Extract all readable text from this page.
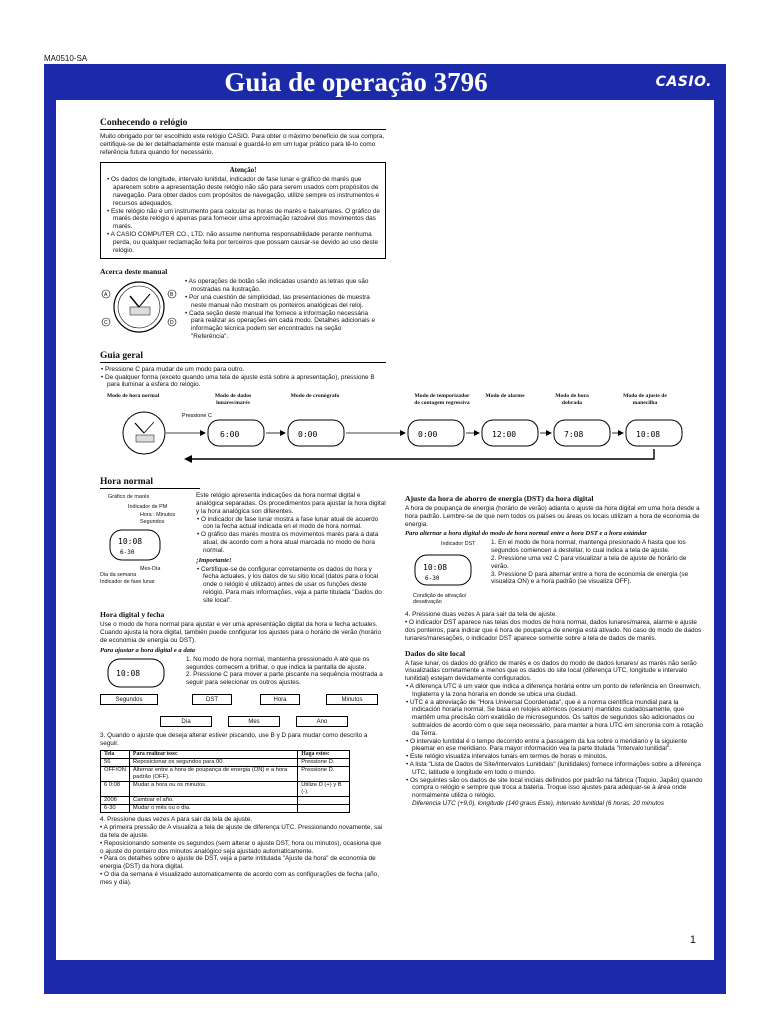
MA0510-SA
Guia de operação 3796	CASIO.
Conhecendo o relógio

Muito obrigado por ter escolhido este relógio CASIO. Para obter o máximo benefício de sua compra, certifique-se de ler detalhadamente este manual e guardá-lo em um lugar prático para tê-lo como referência futura quando for necessário.

Atenção!
• Os dados de longitude, intervalo lunitidal, indicador de fase lunar e gráfico de marés que aparecem sobre a apresentação deste relógio não são para serem usados com propósitos de navegação. Para obter dados com propósitos de navegação, utilize sempre os instrumentos e recursos adequados.
• Este relógio não é um instrumento para calcular as horas de marés e baixamares. O gráfico de marés deste relógio é apenas para fornecer uma aproximação razoável dos movimentos das marés.
• A CASIO COMPUTER CO., LTD. não assume nenhuma responsabilidade perante nenhuma perda, ou qualquer reclamação feita por terceiros que possam causar-se devido ao uso deste relógio.
Acerca deste manual
A
C
B
D
• As operações de botão são indicadas usando as letras que são mostradas na ilustração.
• Por una cuestión de simplicidad, las presentaciones de muestra neste manual não mostram os ponteiros analógicas del reloj.
• Cada seção deste manual lhe fornece a informação necessária para realizar as operações em cada modo. Detalhes adicionais e informação técnica podem ser encontrados na seção "Referência".
Guia geral
• Pressione C para mudar de um modo para outro.
• De qualquer forma (exceto quando uma tela de ajuste está sobre a apresentação), pressione B para iluminar a esfera do relógio.
Modo de hora normal	Modo de dados lunares/marés
Modo de cronógrafo	Modo de temporizador de contagem regressiva
Modo de alarme	Modo de hora dobrada
Modo de ajuste de manecilha
Pressione C
6:00	0:00	0:00	12:00	7:08	10:08
Hora normal
Gráfico de marés
Indicador de PM
Hora : Minutos
Segundos
10:08
6-30
Mes-Día
Dia da semana
Indicador de fase lunar

Este relógio apresenta indicações da hora normal digital e analógica separadas. Os procedimentos para ajustar la hora digital y la hora analógica son diferentes.

• O indicador de fase lunar mostra a fase lunar atual de acuerdo con la fecha actual indicada en el modo de hora normal.
• O gráfico das marés mostra os movimentos marés para a data atual, de acordo com a hora atual marcada no modo de hora normal.
¡Importante!
• Certifique-se de configurar corretamente os dados do hora y fecha actuales, y los datos de su sitio local (datos para o local onde o relógio é utilizado) antes de usar os funções deste relógio. Para mais informações, veja a parte titulada "Dados do site local".
Hora digital y fecha

Use o modo de hora normal para ajustar e ver uma apresentação digital da hora e fecha actuales. Cuando ajusta la hora digital, también puede configurar los ajustes para o horário de verão (horário de economia de energia ou DST).

Para ajustar a hora digital e a data
10:08

1. No modo de hora normal, mantenha pressionado A até que os segundos comecem a brilhar, o que indica la pantalla de ajuste.

2. Pressione C para mover a parte piscante na sequência mostrada a seguir para selecionar os outros ajustes.

Segundos	DST	Hora	Minutos
Día	Mes	Ano

3. Quando o ajuste que deseja alterar estiver piscando, use B y D para mudar como descrito a seguir.

Tela	Para realizar isso:	Haga estos:
56	Reposicionar os segundos para 00	Pressione D.
OFF/ON	Alternar entre a hora de poupança de energia (ON) e a hora padrão (OFF).	Pressione D.
6 0:08	Mudar a hora ou os minutos.	Utilize D (+) y B (-).
2006	Cambiar el año.	
6-30	Mudar o mês ou o dia.	

4. Pressione duas vezes A para sair da tela de ajuste.

• A primeira pressão de A visualiza a tela de ajuste de diferença UTC. Pressionando novamente, sai da tela de ajuste.

• Reposicionando somente os segundos (sem alterar o ajuste DST, hora ou minutos), ocasiona que o ajuste do ponteiro dos minutos analógico seja ajustado automaticamente.

• Para os detalhes sobre o ajuste de DST, veja a parte intitulada "Ajuste da hora" de economia de energia (DST) da hora digital.

• O dia da semana é visualizado automaticamente de acordo com as configurações de fecha (año, mes y día).

Ajuste da hora de ahorro de energia (DST) da hora digital

A hora de poupança de energia (horário de verão) adianta o ajuste da hora digital em uma hora desde a hora padrão. Lembre-se de que nem todos os países ou áreas os locais utilizam a hora de economia de energia.

Para alternar a hora digital do modo de hora normal entre a hora DST e a hora estándar
Indicador DST
10:08
6-30
Condição de ativação/ desativação

1. En el modo de hora normal, mantenga presionado A hasta que los segundos comiencen a destellar, lo cual indica a tela de ajuste.

2. Pressione uma vez C para visualizar a tela de ajuste de horário de verão.

3. Pressione D para alternar entre a hora de economia de energia (se visualiza ON) e a hora padrão (se visualiza OFF).

4. Pressione duas vezes A para sair da tela de ajuste.

• O indicador DST aparece nas telas dos modos de hora normal, dados lunares/marea, alarme e ajuste dos ponteiros, para indicar que é hora de poupança de energia está ativado. No caso do modo de dados lunares/maresações, o indicador DST aparece somente sobre a tela de dados de marés.

Dados do site local

A fase lunar, os dados do gráfico de marés e os dados do modo de dados lunares/ as marés não serão visualizadas corretamente a menos que os dados do site local (diferença UTC, longitude e intervalo lunitidal) estejam devidamente configurados.

• A diferença UTC é um valor que indica a diferença horária entre um ponto de referência en Greenwich, Inglaterra y la zona horaria en donde se ubica una ciudad.
• UTC é a abreviação de "Hora Universal Coordenada", que é a norma científica mundial para la indicación horaria normal. Se basa en relojes atómicos (cesium) mantidos cuidadosamente, que mantêm uma precisão com exatidão de microsegundos. Os saltos de segundos são adicionados ou subtraídos de acordo com o que seja necessário, para manter a hora UTC em sincronia com a rotação da Terra.
• O intervalo lunitidal é o tempo decorrido entre a passagem da lua sobre o meridiano y la siguiente pleamar en ese meridiano. Para mayor información vea la parte titulada "Intervalo lunitidal".
• Este relógio visualiza intervalos lunais em termos de horas e minutos.
• A lista "Lista de Dados de Site/Intervalos Lunitidais" (lunitidales) fornece informações sobre a diferença UTC, latitude e longitude em todo o mundo.
• Os seguintes são os dados de site local iniciais definidos por padrão na fábrica (Toquio, Japão) quando compra o relógio e sempre que troca a bateria. Troque isso ajustes para adequar-se à área onde normalmente utiliza o relógio.

Diferencia UTC (+9,0), longitude (140 graus Este), intervalo lunitidal (6 horas, 20 minutos

1
